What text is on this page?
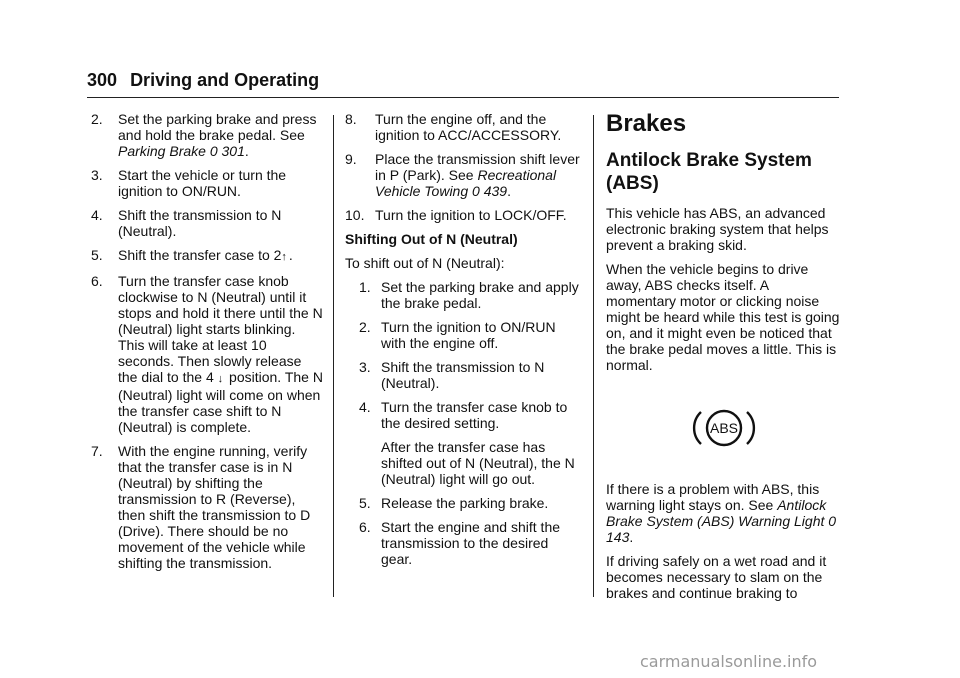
300 Driving and Operating
2.	Set the parking brake and press and hold the brake pedal. See Parking Brake 0 301.
3.	Start the vehicle or turn the ignition to ON/RUN.
4.	Shift the transmission to N (Neutral).
5.	Shift the transfer case to 2↑ .
6.	Turn the transfer case knob clockwise to N (Neutral) until it stops and hold it there until the N (Neutral) light starts blinking. This will take at least 10 seconds. Then slowly release the dial to the 4 ↓ position. The N (Neutral) light will come on when the transfer case shift to N (Neutral) is complete.
7.	With the engine running, verify that the transfer case is in N (Neutral) by shifting the transmission to R (Reverse), then shift the transmission to D (Drive). There should be no movement of the vehicle while shifting the transmission.
8.	Turn the engine off, and the ignition to ACC/ACCESSORY.
9.	Place the transmission shift lever in P (Park). See Recreational Vehicle Towing 0 439.
10. Turn the ignition to LOCK/OFF.
Shifting Out of N (Neutral)

To shift out of N (Neutral):

1. Set the parking brake and apply the brake pedal.
2. Turn the ignition to ON/RUN with the engine off.
3. Shift the transmission to N (Neutral).
4. Turn the transfer case knob to the desired setting.
After the transfer case has shifted out of N (Neutral), the N (Neutral) light will go out.
5. Release the parking brake.
6. Start the engine and shift the transmission to the desired gear.
Brakes
Antilock Brake System (ABS)

This vehicle has ABS, an advanced electronic braking system that helps prevent a braking skid.

When the vehicle begins to drive away, ABS checks itself. A momentary motor or clicking noise might be heard while this test is going on, and it might even be noticed that the brake pedal moves a little. This is normal.

ABS

If there is a problem with ABS, this warning light stays on. See Antilock Brake System (ABS) Warning Light 0 143.

If driving safely on a wet road and it becomes necessary to slam on the brakes and continue braking to

carmanualsonline.info
